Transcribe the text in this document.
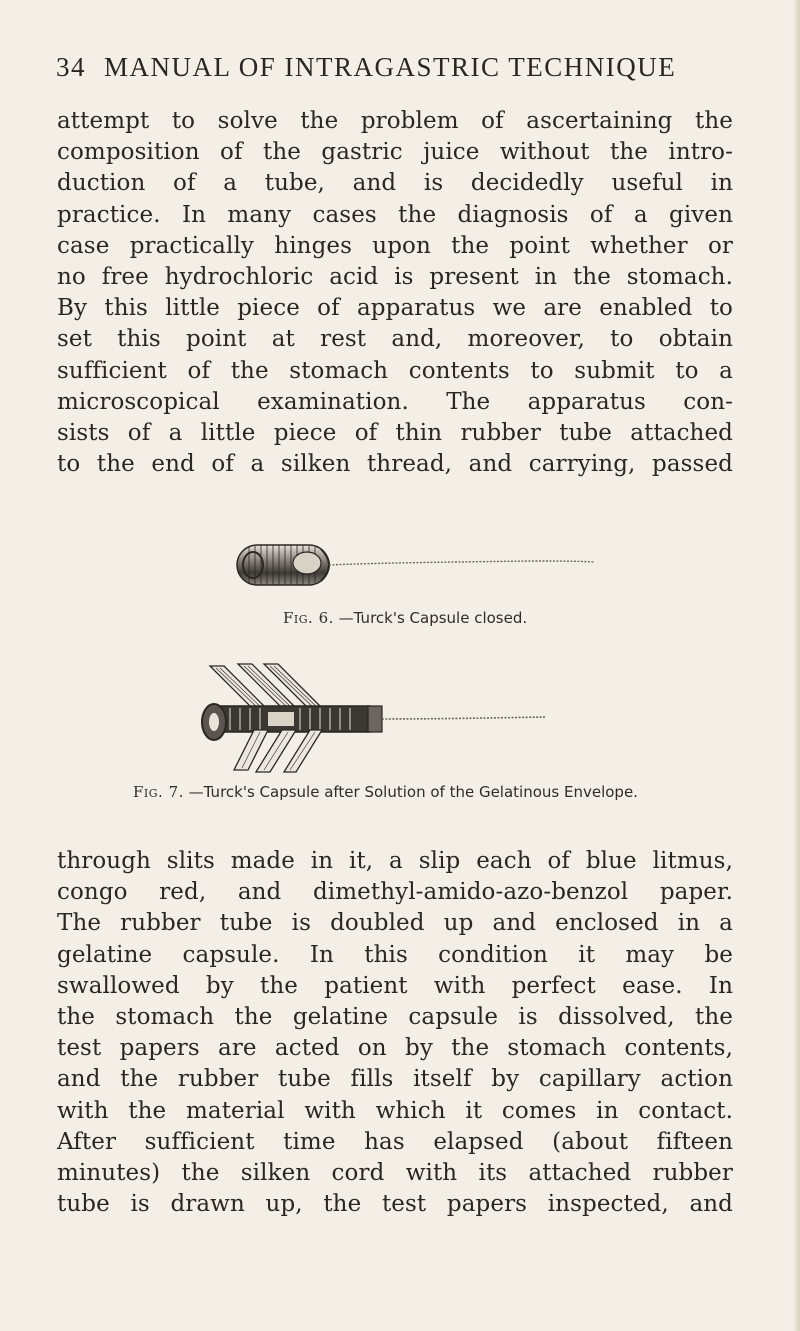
34 MANUAL OF INTRAGASTRIC TECHNIQUE
attempt to solve the problem of ascertaining the
composition of the gastric juice without the intro-
duction of a tube, and is decidedly useful in
practice. In many cases the diagnosis of a given
case practically hinges upon the point whether or
no free hydrochloric acid is present in the stomach.
By this little piece of apparatus we are enabled to
set this point at rest and, moreover, to obtain
sufficient of the stomach contents to submit to a
microscopical examination. The apparatus con-
sists of a little piece of thin rubber tube attached
to the end of a silken thread, and carrying, passed
Fig. 6. —Turck's Capsule closed.
Fig. 7. —Turck's Capsule after Solution of the Gelatinous Envelope.
through slits made in it, a slip each of blue litmus,
congo red, and dimethyl-amido-azo-benzol paper.
The rubber tube is doubled up and enclosed in a
gelatine capsule. In this condition it may be
swallowed by the patient with perfect ease. In
the stomach the gelatine capsule is dissolved, the
test papers are acted on by the stomach contents,
and the rubber tube fills itself by capillary action
with the material with which it comes in contact.
After sufficient time has elapsed (about fifteen
minutes) the silken cord with its attached rubber
tube is drawn up, the test papers inspected, and
